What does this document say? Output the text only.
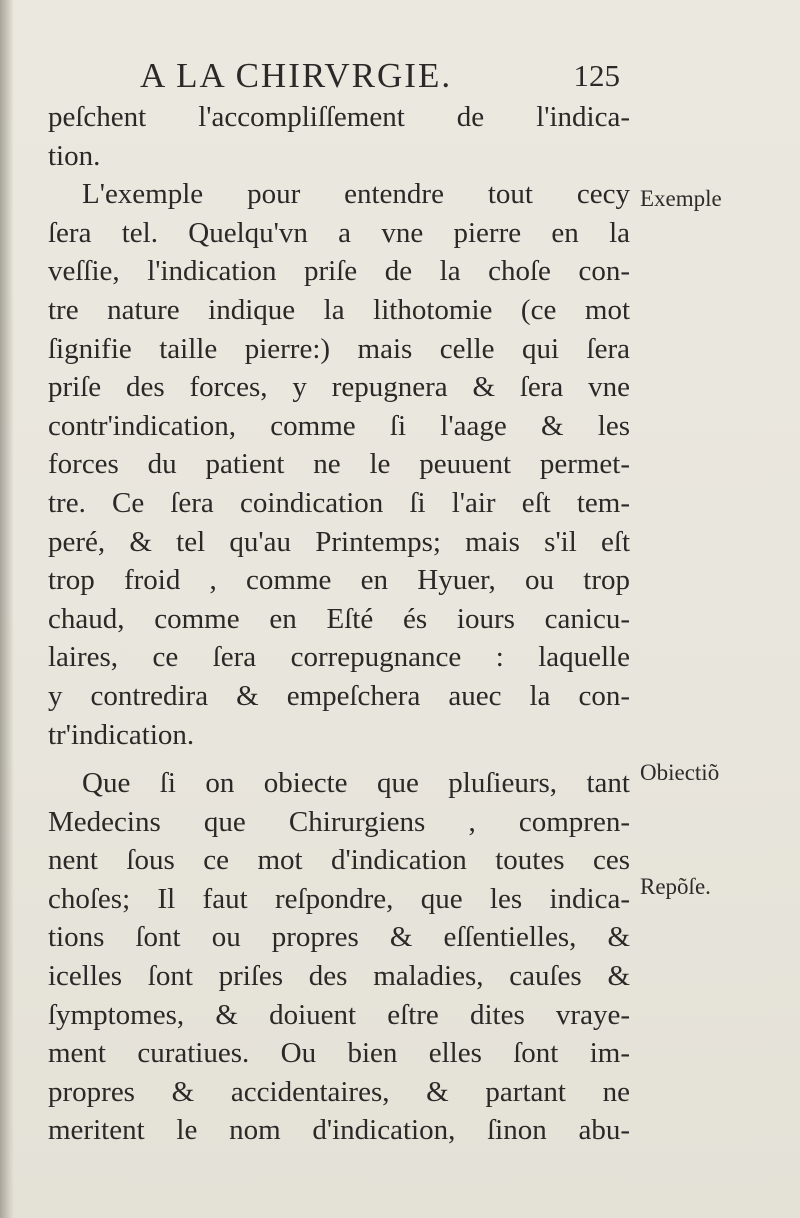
A LA CHIRVRGIE.	125
peſchent l'accompliſſement de l'indica-
tion.
L'exemple pour entendre tout cecy
ſera tel. Quelqu'vn a vne pierre en la
veſſie, l'indication priſe de la choſe con-
tre nature indique la lithotomie (ce mot
ſignifie taille pierre:) mais celle qui ſera
priſe des forces, y repugnera & ſera vne
contr'indication, comme ſi l'aage & les
forces du patient ne le peuuent permet-
tre. Ce ſera coindication ſi l'air eſt tem-
peré, & tel qu'au Printemps; mais s'il eſt
trop froid , comme en Hyuer, ou trop
chaud, comme en Eſté és iours canicu-
laires, ce ſera correpugnance : laquelle
y contredira & empeſchera auec la con-
tr'indication.
Que ſi on obiecte que pluſieurs, tant
Medecins que Chirurgiens , compren-
nent ſous ce mot d'indication toutes ces
choſes; Il faut reſpondre, que les indica-
tions ſont ou propres & eſſentielles, &
icelles ſont priſes des maladies, cauſes &
ſymptomes, & doiuent eſtre dites vraye-
ment curatiues. Ou bien elles ſont im-
propres & accidentaires, & partant ne
meritent le nom d'indication, ſinon abu-
Exemple
Obiectiõ
Repõſe.
